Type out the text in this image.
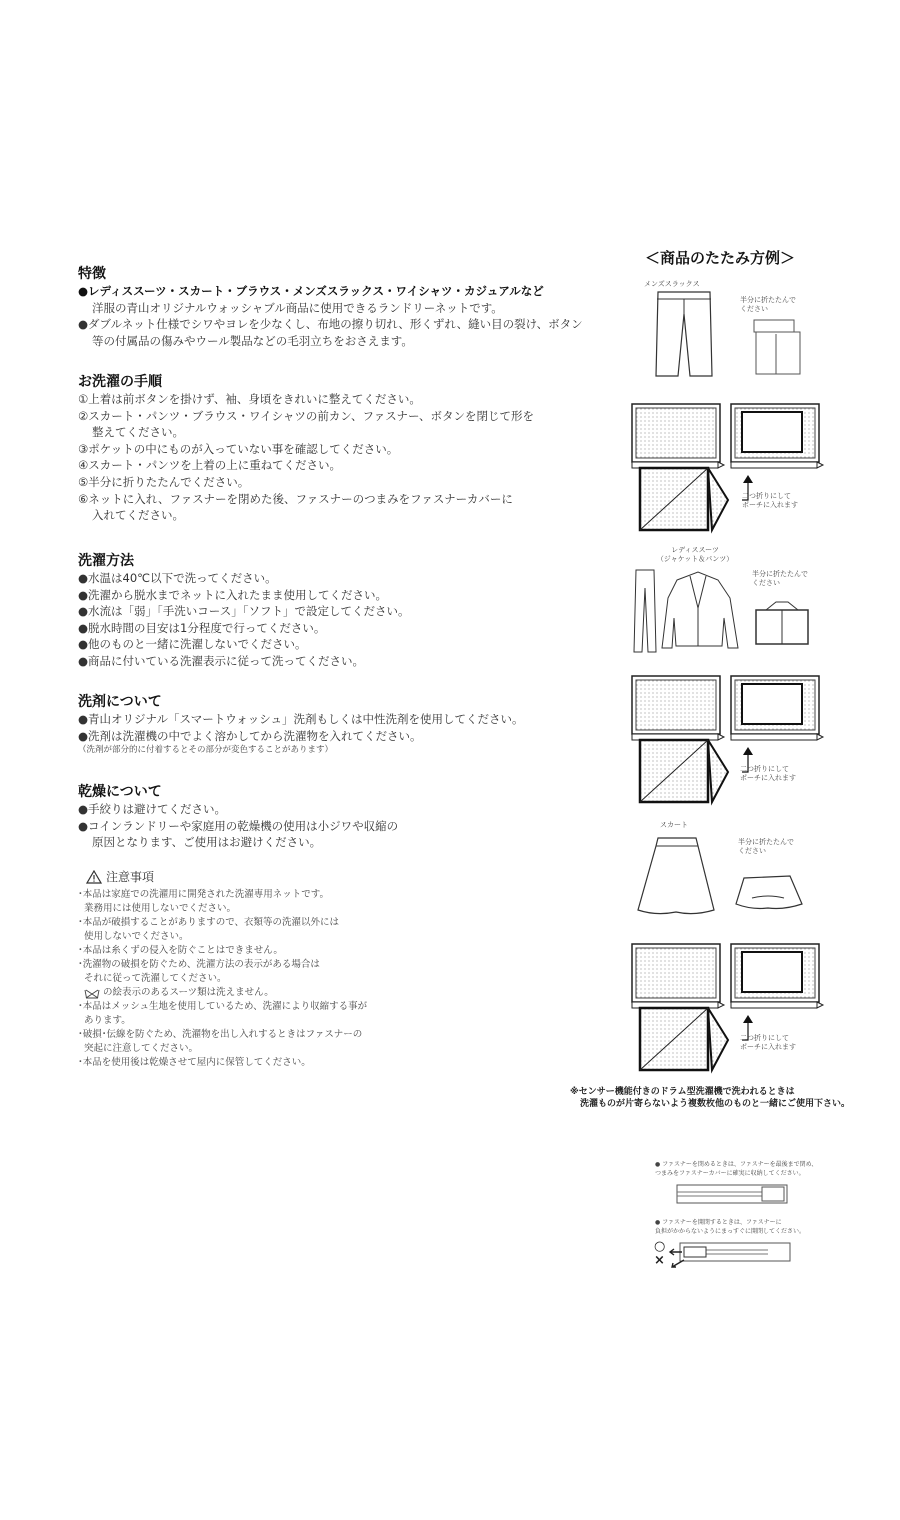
特徴
●レディススーツ・スカート・ブラウス・メンズスラックス・ワイシャツ・カジュアルなど
洋服の青山オリジナルウォッシャブル商品に使用できるランドリーネットです。
●ダブルネット仕様でシワやヨレを少なくし、布地の擦り切れ、形くずれ、縫い目の裂け、ボタン
等の付属品の傷みやウール製品などの毛羽立ちをおさえます。
お洗濯の手順
①上着は前ボタンを掛けず、袖、身頃をきれいに整えてください。
②スカート・パンツ・ブラウス・ワイシャツの前カン、ファスナー、ボタンを閉じて形を
整えてください。
③ポケットの中にものが入っていない事を確認してください。
④スカート・パンツを上着の上に重ねてください。
⑤半分に折りたたんでください。
⑥ネットに入れ、ファスナーを閉めた後、ファスナーのつまみをファスナーカバーに
入れてください。
洗濯方法
●水温は40℃以下で洗ってください。
●洗濯から脱水までネットに入れたまま使用してください。
●水流は「弱」「手洗いコース」「ソフト」で設定してください。
●脱水時間の目安は1分程度で行ってください。
●他のものと一緒に洗濯しないでください。
●商品に付いている洗濯表示に従って洗ってください。
洗剤について
●青山オリジナル「スマートウォッシュ」洗剤もしくは中性洗剤を使用してください。
●洗剤は洗濯機の中でよく溶かしてから洗濯物を入れてください。
（洗剤が部分的に付着するとその部分が変色することがあります）
乾燥について
●手絞りは避けてください。
●コインランドリーや家庭用の乾燥機の使用は小ジワや収縮の
原因となります、ご使用はお避けください。
注意事項
･本品は家庭での洗濯用に開発された洗濯専用ネットです。
業務用には使用しないでください。
･本品が破損することがありますので、衣類等の洗濯以外には
使用しないでください。
･本品は糸くずの侵入を防ぐことはできません。
･洗濯物の破損を防ぐため、洗濯方法の表示がある場合は
それに従って洗濯してください。
の絵表示のあるスーツ類は洗えません。
･本品はメッシュ生地を使用しているため、洗濯により収縮する事が
あります。
･破損･伝線を防ぐため、洗濯物を出し入れするときはファスナーの
突起に注意してください。
･本品を使用後は乾燥させて屋内に保管してください。
＜商品のたたみ方例＞
メンズスラックス
半分に折たたんで
ください
二つ折りにして
ポーチに入れます
レディススーツ
（ジャケット＆パンツ）
半分に折たたんで
ください
二つ折りにして
ポーチに入れます
スカート
半分に折たたんで
ください
二つ折りにして
ポーチに入れます
※センサー機能付きのドラム型洗濯機で洗われるときは
洗濯ものが片寄らないよう複数枚他のものと一緒にご使用下さい。
● ファスナーを閉めるときは、ファスナーを最後まで閉め、
つまみをファスナーカバーに確実に収納してください。
● ファスナーを開閉するときは、ファスナーに
負担がかからないようにまっすぐに開閉してください。
○
×
